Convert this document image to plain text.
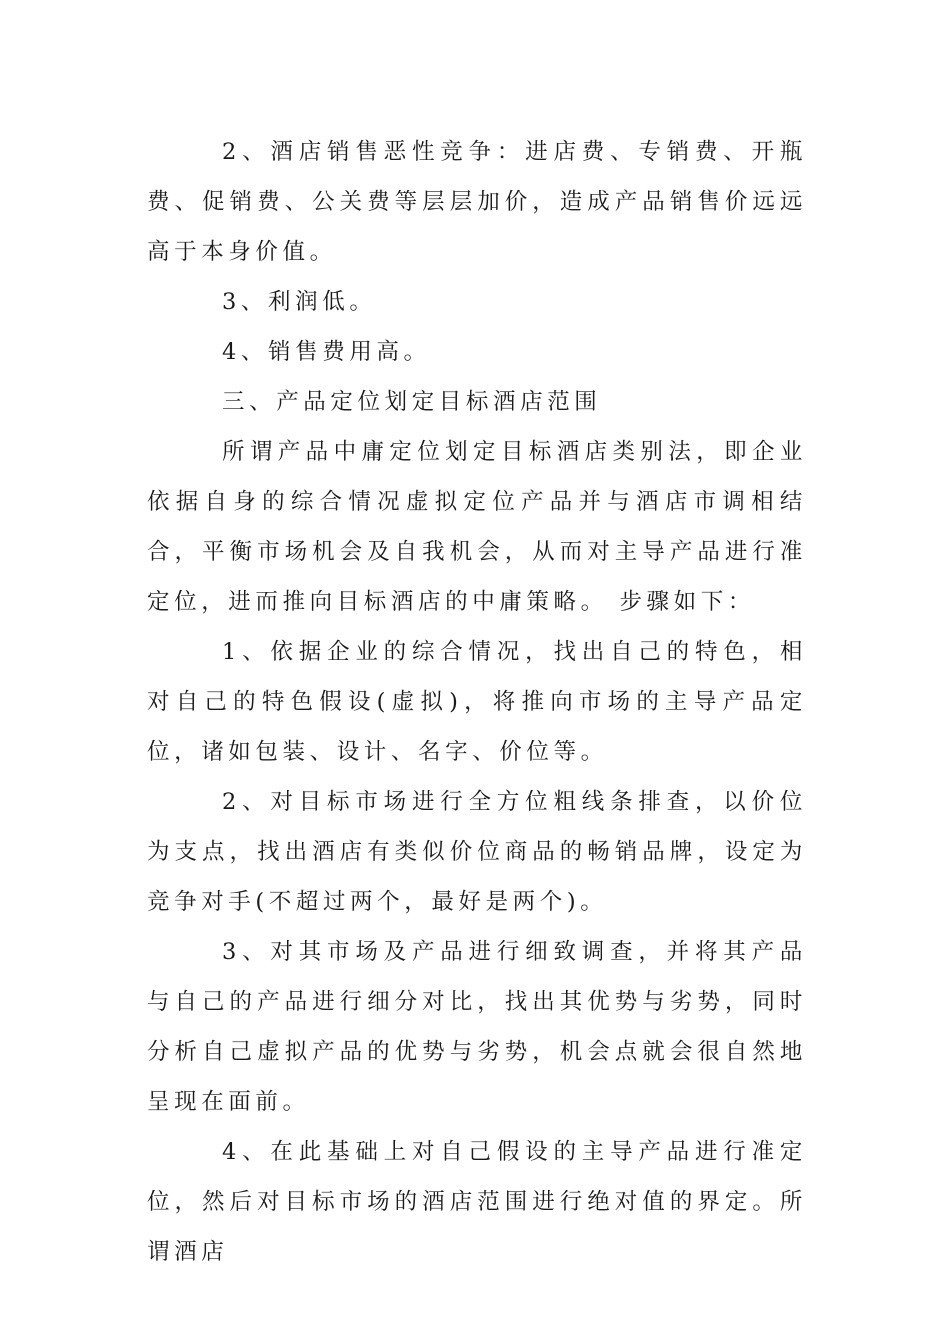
2、酒店销售恶性竞争：进店费、专销费、开瓶费、促销费、公关费等层层加价，造成产品销售价远远高于本身价值。

3、利润低。

4、销售费用高。

三、产品定位划定目标酒店范围

所谓产品中庸定位划定目标酒店类别法，即企业依据自身的综合情况虚拟定位产品并与酒店市调相结合，平衡市场机会及自我机会，从而对主导产品进行准定位，进而推向目标酒店的中庸策略。 步骤如下：

1、依据企业的综合情况，找出自己的特色，相对自己的特色假设(虚拟)，将推向市场的主导产品定位，诸如包装、设计、名字、价位等。

2、对目标市场进行全方位粗线条排查，以价位为支点，找出酒店有类似价位商品的畅销品牌，设定为竞争对手(不超过两个，最好是两个)。

3、对其市场及产品进行细致调查，并将其产品与自己的产品进行细分对比，找出其优势与劣势，同时分析自己虚拟产品的优势与劣势，机会点就会很自然地呈现在面前。

4、在此基础上对自己假设的主导产品进行准定位，然后对目标市场的酒店范围进行绝对值的界定。所谓酒店
